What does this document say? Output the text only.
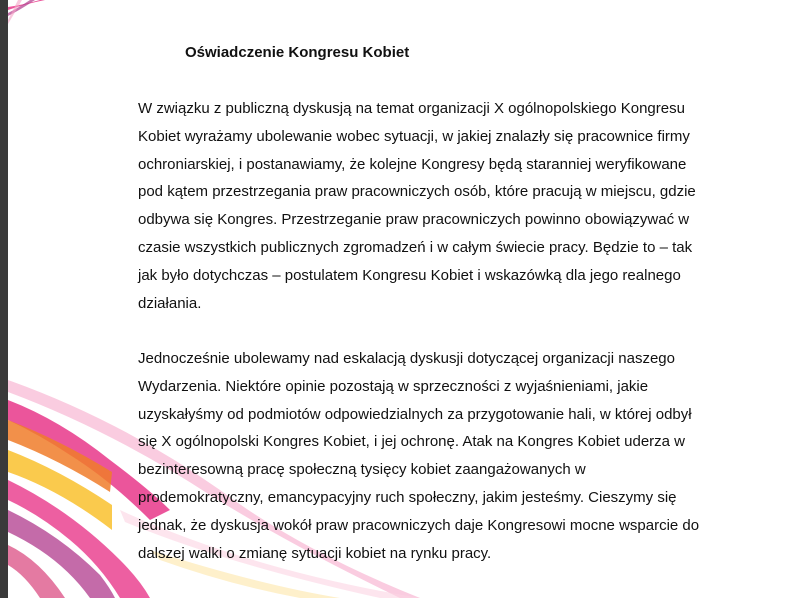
Oświadczenie Kongresu Kobiet

W związku z publiczną dyskusją na temat organizacji X ogólnopolskiego Kongresu
Kobiet wyrażamy ubolewanie wobec sytuacji, w jakiej znalazły się pracownice firmy
ochroniarskiej, i postanawiamy, że kolejne Kongresy będą staranniej weryfikowane
pod kątem przestrzegania praw pracowniczych osób, które pracują w miejscu, gdzie
odbywa się Kongres. Przestrzeganie praw pracowniczych powinno obowiązywać w
czasie wszystkich publicznych zgromadzeń i w całym świecie pracy. Będzie to – tak
jak było dotychczas – postulatem Kongresu Kobiet i wskazówką dla jego realnego
działania.

Jednocześnie ubolewamy nad eskalacją dyskusji dotyczącej organizacji naszego
Wydarzenia. Niektóre opinie pozostają w sprzeczności z wyjaśnieniami, jakie
uzyskałyśmy od podmiotów odpowiedzialnych za przygotowanie hali, w której odbył
się X ogólnopolski Kongres Kobiet, i jej ochronę. Atak na Kongres Kobiet uderza w
bezinteresowną pracę społeczną tysięcy kobiet zaangażowanych w
prodemokratyczny, emancypacyjny ruch społeczny, jakim jesteśmy. Cieszymy się
jednak, że dyskusja wokół praw pracowniczych daje Kongresowi mocne wsparcie do
dalszej walki o zmianę sytuacji kobiet na rynku pracy.
